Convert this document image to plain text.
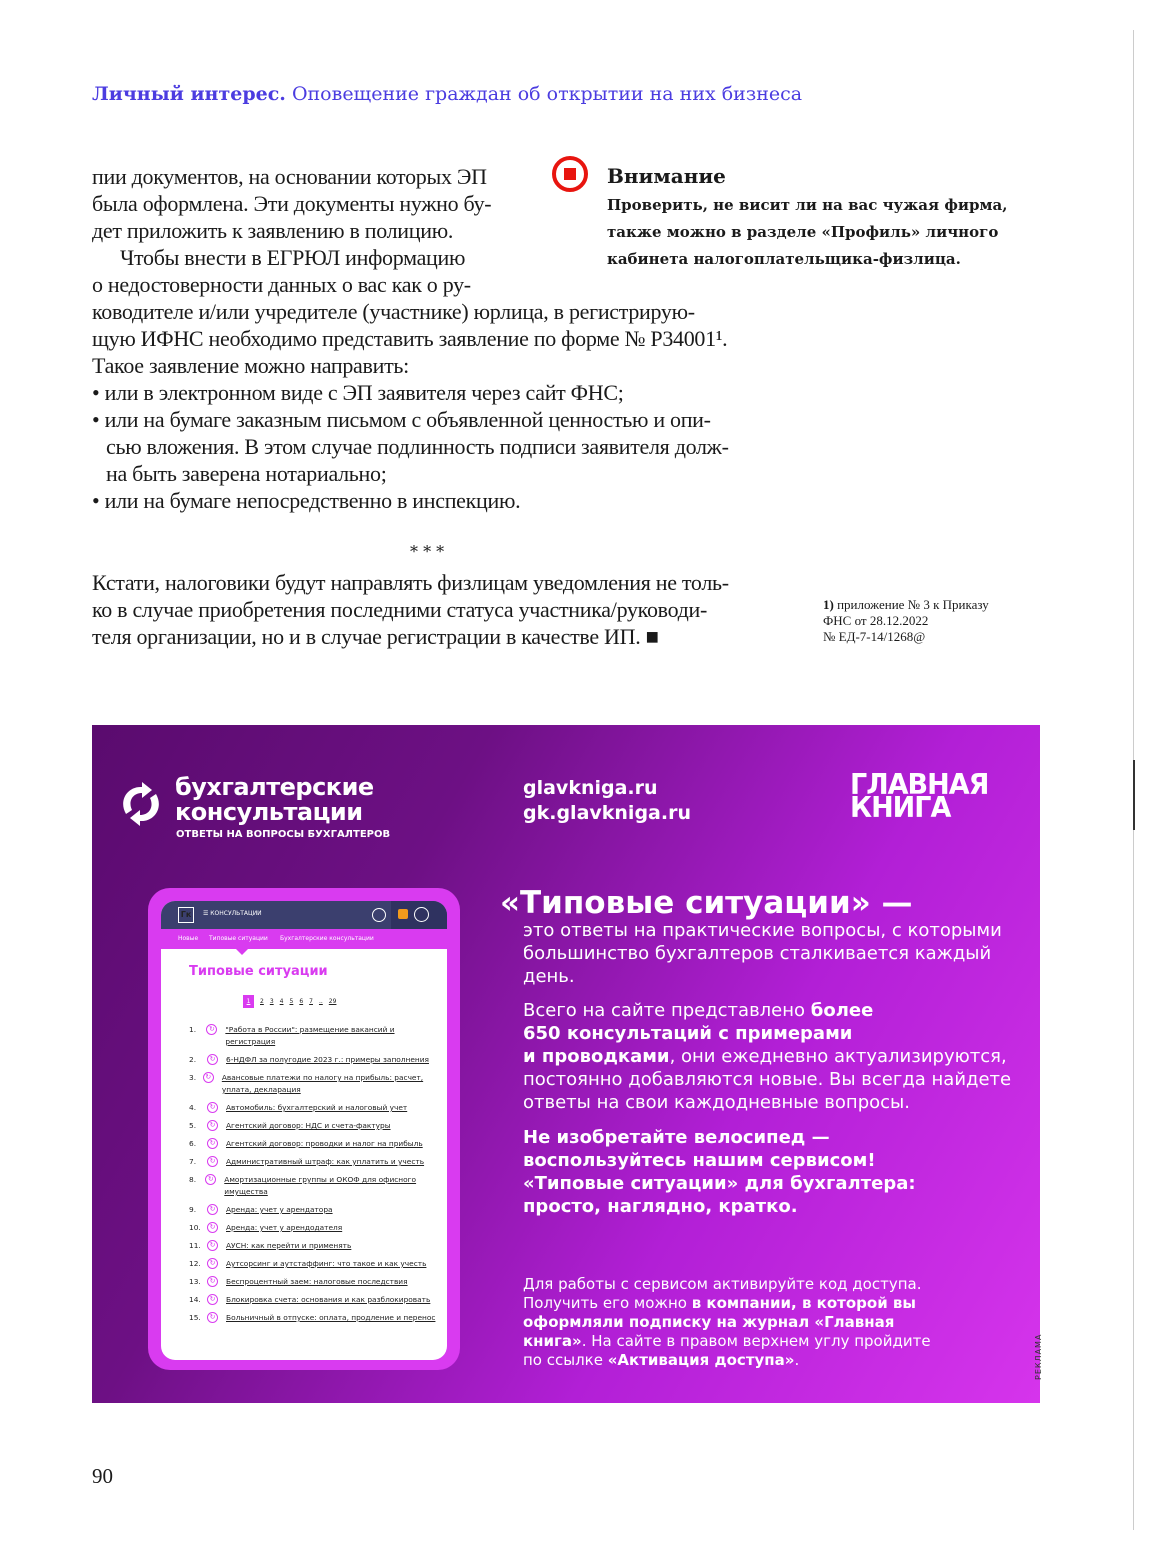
Личный интерес. Оповещение граждан об открытии на них бизнеса
пии документов, на основании которых ЭП
была оформлена. Эти документы нужно бу-
дет приложить к заявлению в полицию.
Чтобы внести в ЕГРЮЛ информацию
о недостоверности данных о вас как о ру-
ководителе и/или учредителе (участнике) юрлица, в регистрирую-
щую ИФНС необходимо представить заявление по форме № Р34001¹.
Такое заявление можно направить:
• или в электронном виде с ЭП заявителя через сайт ФНС;
• или на бумаге заказным письмом с объявленной ценностью и опи-
сью вложения. В этом случае подлинность подписи заявителя долж-
на быть заверена нотариально;
• или на бумаге непосредственно в инспекцию.
Кстати, налоговики будут направлять физлицам уведомления не толь-
ко в случае приобретения последними статуса участника/руководи-
теля организации, но и в случае регистрации в качестве ИП. ■
Внимание
Проверить, не висит ли на вас чужая фирма,
также можно в разделе «Профиль» личного
кабинета налогоплательщика-физлица.
* * *
1) приложение № 3 к Приказу
ФНС от 28.12.2022
№ ЕД-7-14/1268@
бухгалтерские
консультации
ОТВЕТЫ НА ВОПРОСЫ БУХГАЛТЕРОВ
glavkniga.ru
gk.glavkniga.ru
ГЛАВНАЯ
КНИГА
Гк	☰ КОНСУЛЬТАЦИИ
Новые Типовые ситуации Бухгалтерские консультации
Типовые ситуации
1	2 3 4 5 6 7 .. 29
1.	↻	"Работа в России": размещение вакансий и регистрация
2.	↻	6-НДФЛ за полугодие 2023 г.: примеры заполнения
3.	↻	Авансовые платежи по налогу на прибыль: расчет, уплата, декларация
4.	↻	Автомобиль: бухгалтерский и налоговый учет
5.	↻	Агентский договор: НДС и счета-фактуры
6.	↻	Агентский договор: проводки и налог на прибыль
7.	↻	Административный штраф: как уплатить и учесть
8.	↻	Амортизационные группы и ОКОФ для офисного имущества
9.	↻	Аренда: учет у арендатора
10.	↻	Аренда: учет у арендодателя
11.	↻	АУСН: как перейти и применять
12.	↻	Аутсорсинг и аутстаффинг: что такое и как учесть
13.	↻	Беспроцентный заем: налоговые последствия
14.	↻	Блокировка счета: основания и как разблокировать
15.	↻	Больничный в отпуске: оплата, продление и перенос
«Типовые ситуации» —
это ответы на практические вопросы, с которыми
большинство бухгалтеров сталкивается каждый
день.
Всего на сайте представлено более
650 консультаций с примерами
и проводками, они ежедневно актуализируются,
постоянно добавляются новые. Вы всегда найдете
ответы на свои каждодневные вопросы.
Не изобретайте велосипед —
воспользуйтесь нашим сервисом!
«Типовые ситуации» для бухгалтера:
просто, наглядно, кратко.
Для работы с сервисом активируйте код доступа.
Получить его можно в компании, в которой вы
оформляли подписку на журнал «Главная
книга». На сайте в правом верхнем углу пройдите
по ссылке «Активация доступа».	РЕКЛАМА
90
